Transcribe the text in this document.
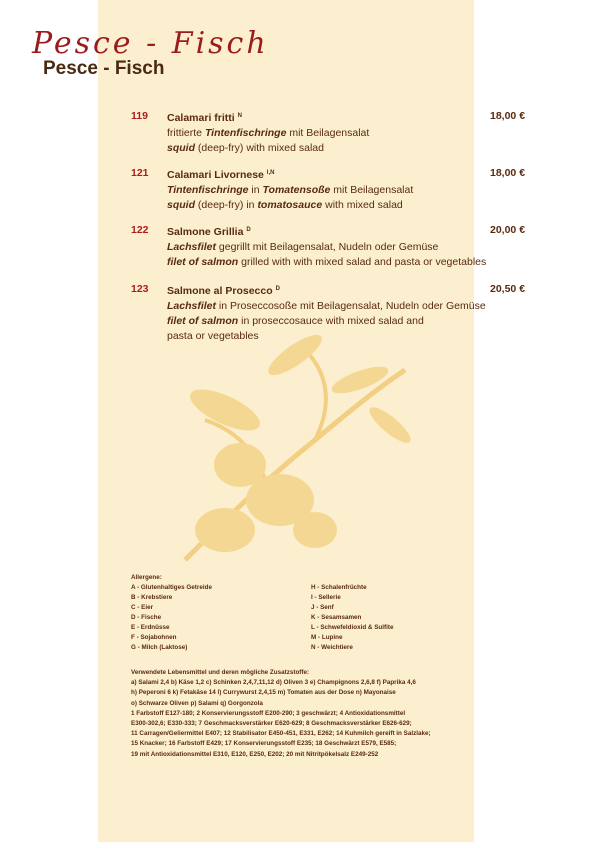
Pesce - Fisch
Pesce - Fisch
119 Calamari fritti $^N$
frittierte Tintenfischringe mit Beilagensalat
squid (deep-fry) with mixed salad
18,00 €
121 Calamari Livornese $^{I,N}$
Tintenfischringe in Tomatensoße mit Beilagensalat
squid (deep-fry) in tomatosauce with mixed salad
18,00 €
122 Salmone Grillia $^D$
Lachsfilet gegrillt mit Beilagensalat, Nudeln oder Gemüse
filet of salmon grilled with with mixed salad and pasta or vegetables
20,00 €
123 Salmone al Prosecco $^D$
Lachsfilet in Proseccosoße mit Beilagensalat, Nudeln oder Gemüse
filet of salmon in proseccosauce with mixed salad and
pasta or vegetables
20,50 €
Allergene:
A - Glutenhaltiges Getreide
B - Krebstiere
C - Eier
D - Fische
E - Erdnüsse
F - Sojabohnen
G - Milch (Laktose)
H - Schalenfrüchte
I - Sellerie
J - Senf
K - Sesamsamen
L - Schwefeldioxid & Sulfite
M - Lupine
N - Weichtiere
Verwendete Lebensmittel und deren mögliche Zusatzstoffe:
a) Salami 2,4 b) Käse 1,2 c) Schinken 2,4,7,11,12 d) Oliven 3 e) Champignons 2,6,8 f) Paprika 4,6
h) Peperoni 6 k) Fetakäse 14 l) Currywurst 2,4,15 m) Tomaten aus der Dose n) Mayonaise
o) Schwarze Oliven p) Salami q) Gorgonzola
1 Farbstoff E127-180; 2 Konservierungsstoff E200-290; 3 geschwärzt; 4 Antioxidationsmittel
E300-302,6; E330-333; 7 Geschmacksverstärker E620-629; 8 Geschmacksverstärker E626-629;
11 Carragen/Geliermittel E407; 12 Stabilisator E450-451, E331, E262; 14 Kuhmilch gereift in Salzlake;
15 Knacker; 16 Farbstoff E429; 17 Konservierungsstoff E235; 18 Geschwärzt E579, E585;
19 mit Antioxidationsmittel E310, E120, E250, E202; 20 mit Nitritpökelsalz E249-252
